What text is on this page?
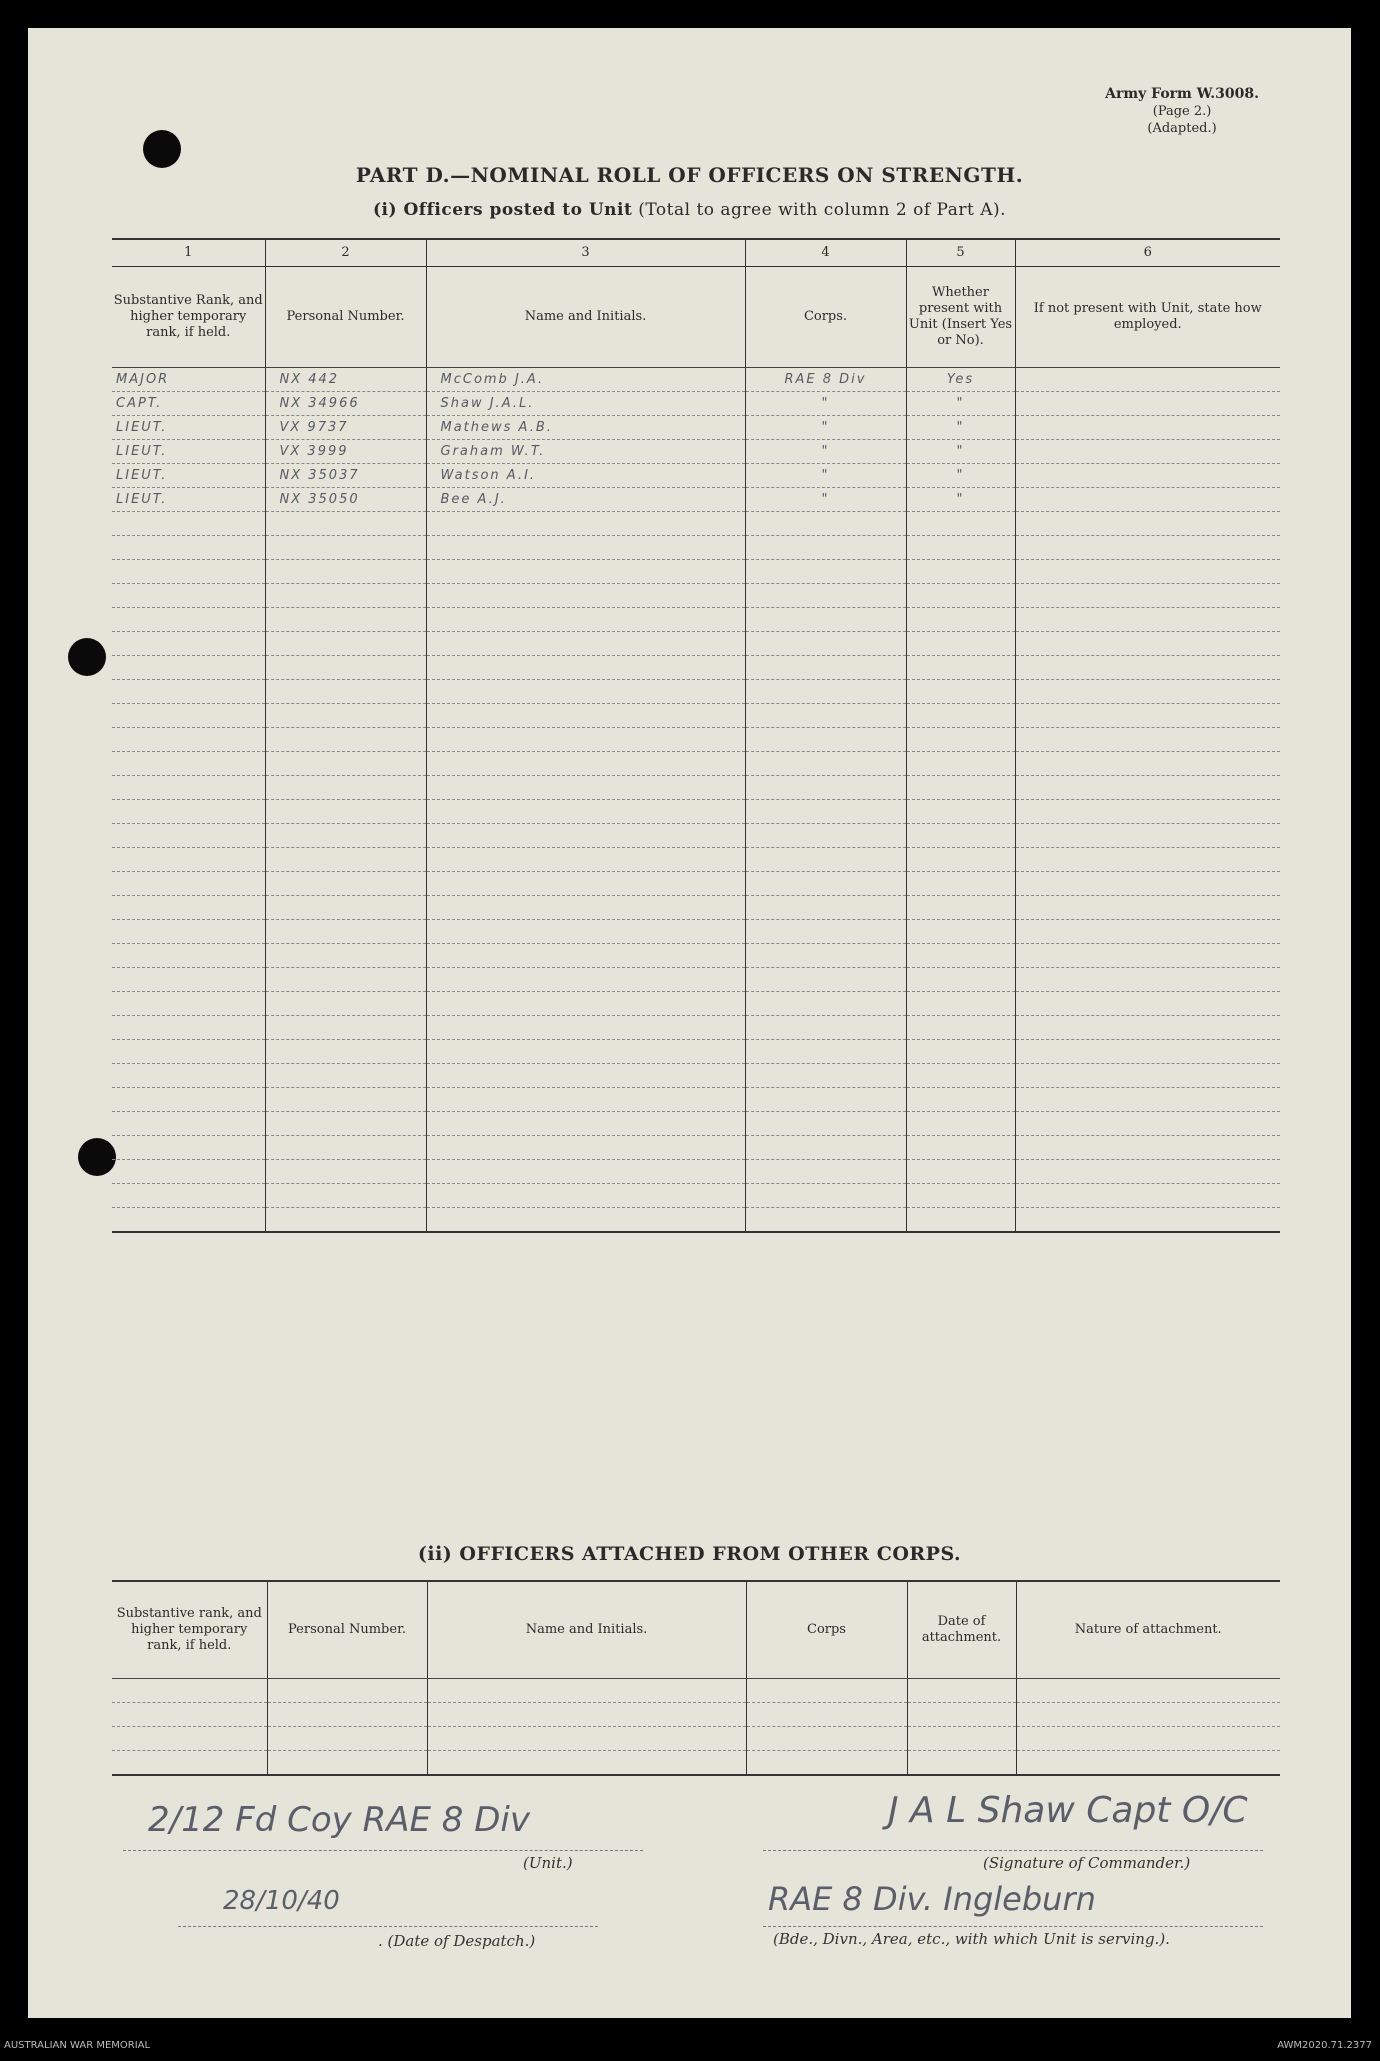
Army Form W.3008.
(Page 2.)
(Adapted.)
PART D.—NOMINAL ROLL OF OFFICERS ON STRENGTH.
(i) Officers posted to Unit (Total to agree with column 2 of Part A).
1	2	3	4	5	6
Substantive Rank, and higher temporary rank, if held.	Personal Number.	Name and Initials.	Corps.	Whether present with Unit (Insert Yes or No).	If not present with Unit, state how employed.
MAJOR	NX 442	McComb J.A.	RAE 8 Div	Yes	
CAPT.	NX 34966	Shaw J.A.L.	"	"	
LIEUT.	VX 9737	Mathews A.B.	"	"	
LIEUT.	VX 3999	Graham W.T.	"	"	
LIEUT.	NX 35037	Watson A.I.	"	"	
LIEUT.	NX 35050	Bee A.J.	"	"	

(ii) OFFICERS ATTACHED FROM OTHER CORPS.
Substantive rank, and higher temporary rank, if held.	Personal Number.	Name and Initials.	Corps	Date of attachment.	Nature of attachment.

2/12 Fd Coy RAE 8 Div
(Unit.)
28/10/40
. (Date of Despatch.)
J A L Shaw Capt O/C
(Signature of Commander.)
RAE 8 Div. Ingleburn
(Bde., Divn., Area, etc., with which Unit is serving.).
AUSTRALIAN WAR MEMORIAL	AWM2020.71.2377
